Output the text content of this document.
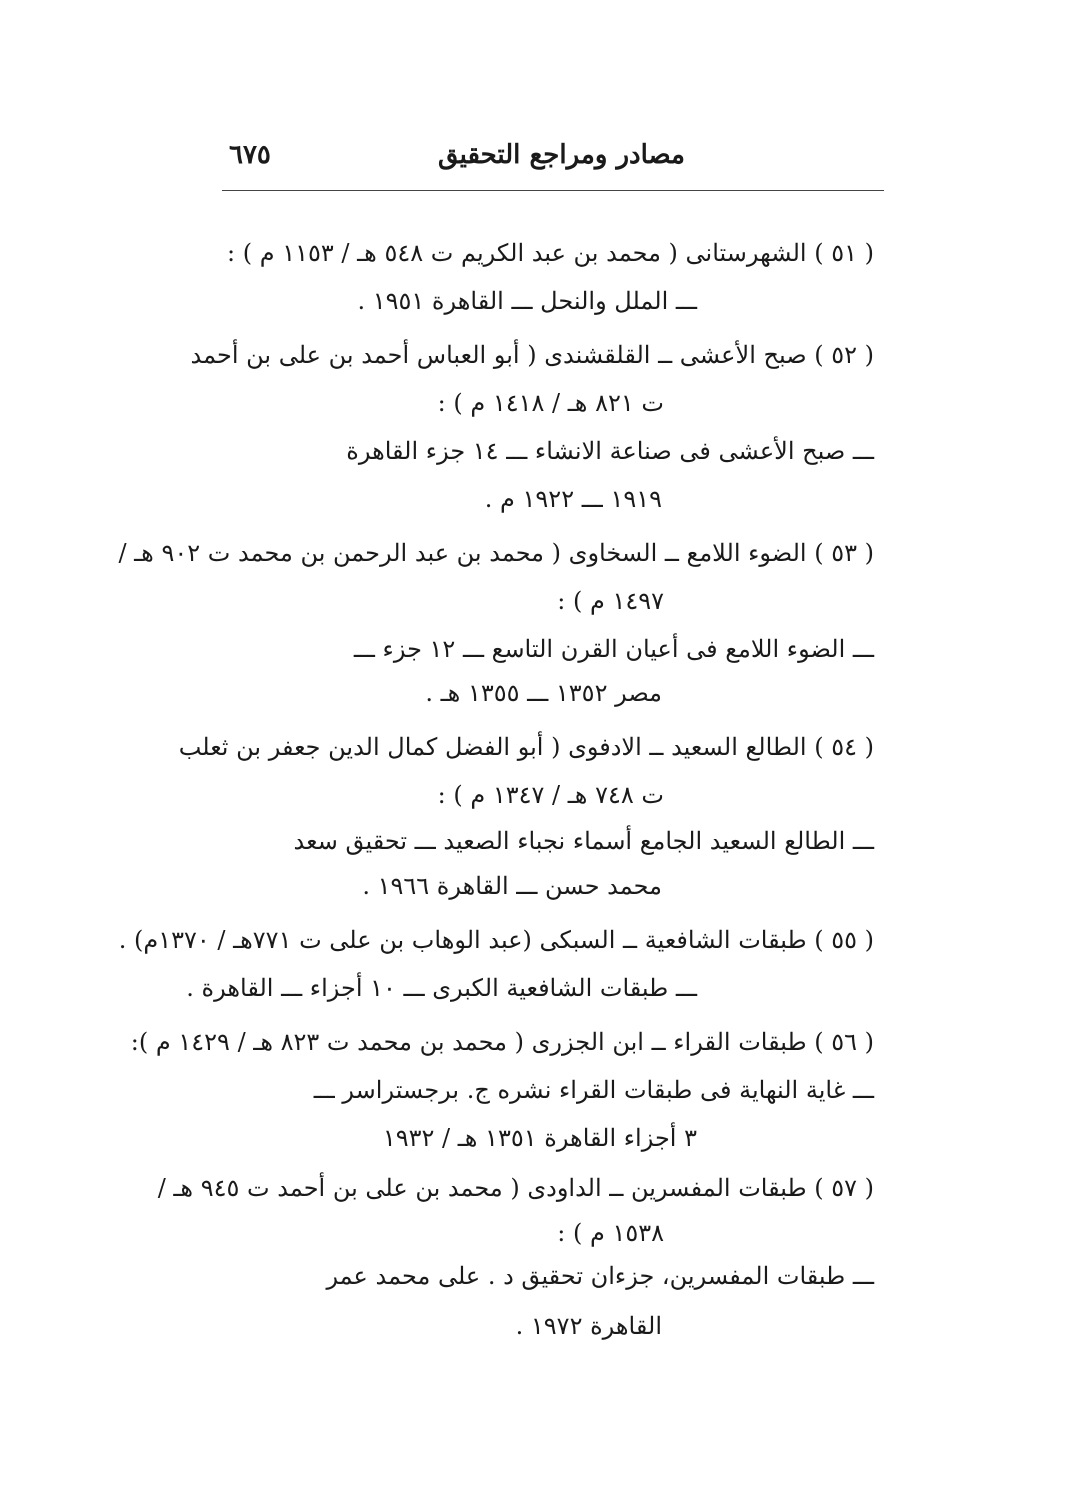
مصادر ومراجع التحقيق
٦٧٥
( ٥١ ) الشهرستانى ( محمد بن عبد الكريم ت ٥٤٨ هـ / ١١٥٣ م ) :
ـــ الملل والنحل ـــ القاهرة ١٩٥١ .
( ٥٢ ) صبح الأعشى ــ القلقشندى ( أبو العباس أحمد بن على بن أحمد
ت ٨٢١ هـ / ١٤١٨ م ) :
ـــ صبح الأعشى فى صناعة الانشاء ـــ ١٤ جزء القاهرة
١٩١٩ ـــ ١٩٢٢ م .
( ٥٣ ) الضوء اللامع ــ السخاوى ( محمد بن عبد الرحمن بن محمد ت ٩٠٢ هـ /
١٤٩٧ م ) :
ـــ الضوء اللامع فى أعيان القرن التاسع ـــ ١٢ جزء ـــ
مصر ١٣٥٢ ـــ ١٣٥٥ هـ .
( ٥٤ ) الطالع السعيد ــ الادفوى ( أبو الفضل كمال الدين جعفر بن ثعلب
ت ٧٤٨ هـ / ١٣٤٧ م ) :
ـــ الطالع السعيد الجامع أسماء نجباء الصعيد ـــ تحقيق سعد
محمد حسن ـــ القاهرة ١٩٦٦ .
( ٥٥ ) طبقات الشافعية ــ السبكى (عبد الوهاب بن على ت ٧٧١هـ / ١٣٧٠م) .
ـــ طبقات الشافعية الكبرى ـــ ١٠ أجزاء ـــ القاهرة .
( ٥٦ ) طبقات القراء ــ ابن الجزرى ( محمد بن محمد ت ٨٢٣ هـ / ١٤٢٩ م ):
ـــ غاية النهاية فى طبقات القراء نشره ج. برجستراسر ـــ
٣ أجزاء القاهرة ١٣٥١ هـ / ١٩٣٢
( ٥٧ ) طبقات المفسرين ــ الداودى ( محمد بن على بن أحمد ت ٩٤٥ هـ /
١٥٣٨ م ) :
ـــ طبقات المفسرين، جزءان تحقيق د . على محمد عمر
القاهرة ١٩٧٢ .
